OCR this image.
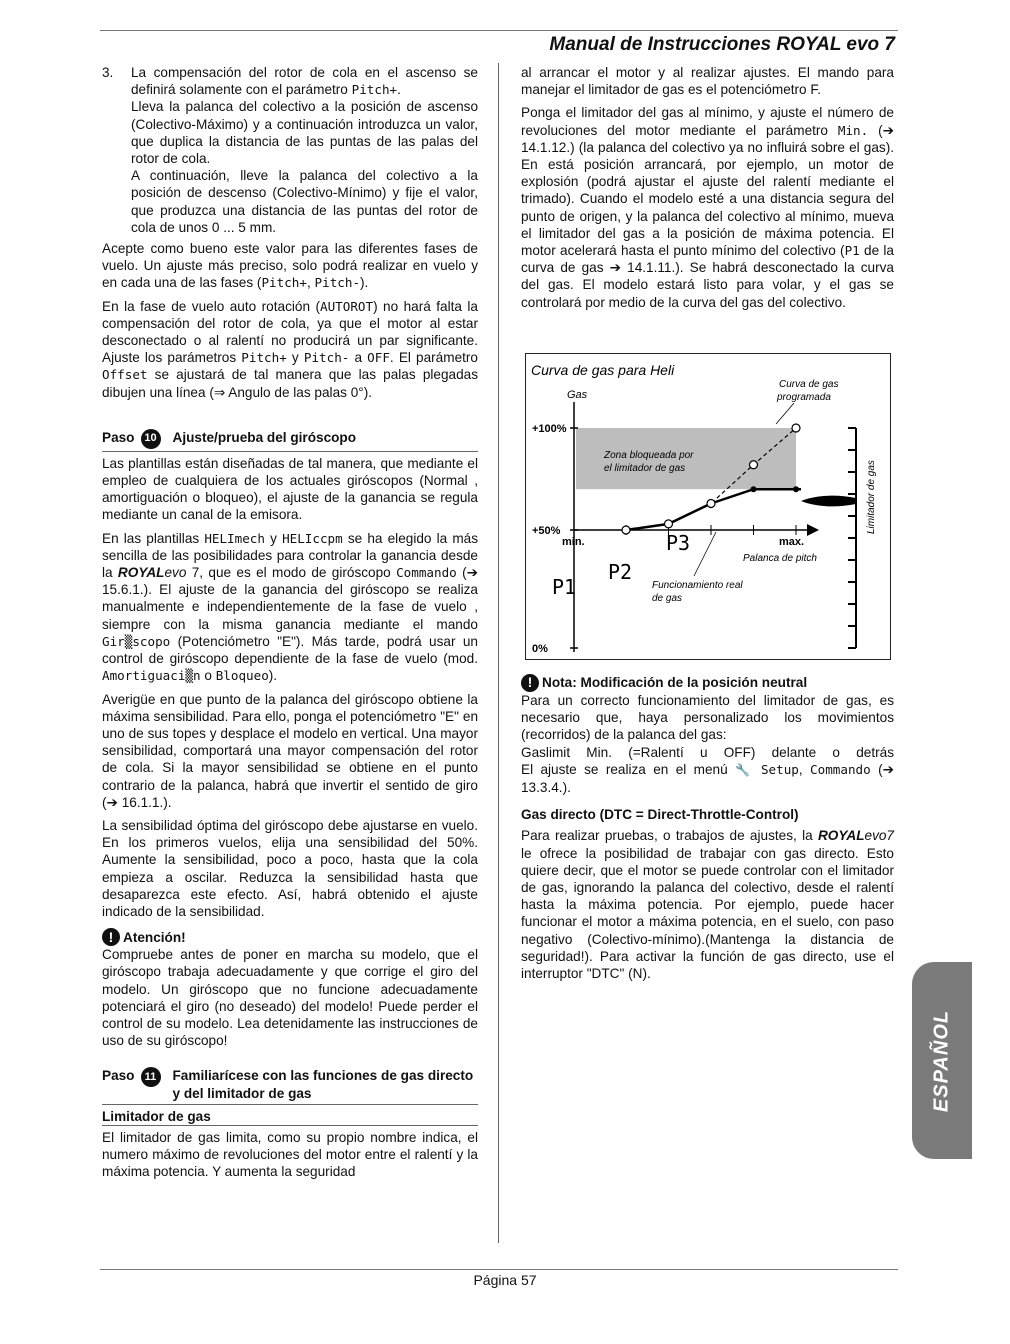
Manual de Instrucciones ROYAL evo 7
3.	La compensación del rotor de cola en el ascenso se definirá solamente con el parámetro Pitch+.

Lleva la palanca del colectivo a la posición de ascenso (Colectivo-Máximo) y a continuación introduzca un valor, que duplica la distancia de las puntas de las palas del rotor de cola.

A continuación, lleve la palanca del colectivo a la posición de descenso (Colectivo-Mínimo) y fije el valor, que produzca una distancia de las puntas del rotor de cola de unos 0 ... 5 mm.

Acepte como bueno este valor para las diferentes fases de vuelo. Un ajuste más preciso, solo podrá realizar en vuelo y en cada una de las fases (Pitch+, Pitch-).

En la fase de vuelo auto rotación (AUTOROT) no hará falta la compensación del rotor de cola, ya que el motor al estar desconectado o al ralentí no producirá un par significante. Ajuste los parámetros Pitch+ y Pitch- a OFF. El parámetro Offset se ajustará de tal manera que las palas plegadas dibujen una línea (⇒ Angulo de las palas 0°).

Paso 10 Ajuste/prueba del giróscopo

Las plantillas están diseñadas de tal manera, que mediante el empleo de cualquiera de los actuales giróscopos (Normal , amortiguación o bloqueo), el ajuste de la ganancia se regula mediante un canal de la emisora.

En las plantillas HELImech y HELIccpm se ha elegido la más sencilla de las posibilidades para controlar la ganancia desde la ROYALevo 7, que es el modo de giróscopo Commando (➔ 15.6.1.). El ajuste de la ganancia del giróscopo se realiza manualmente e independientemente de la fase de vuelo , siempre con la misma ganancia mediante el mando Gir▒scopo (Potenciómetro "E"). Más tarde, podrá usar un control de giróscopo dependiente de la fase de vuelo (mod. Amortiguaci▒n o Bloqueo).

Averigüe en que punto de la palanca del giróscopo obtiene la máxima sensibilidad. Para ello, ponga el potenciómetro "E" en uno de sus topes y desplace el modelo en vertical. Una mayor sensibilidad, comportará una mayor compensación del rotor de cola. Si la mayor sensibilidad se obtiene en el punto contrario de la palanca, habrá que invertir el sentido de giro (➔ 16.1.1.).

La sensibilidad óptima del giróscopo debe ajustarse en vuelo. En los primeros vuelos, elija una sensibilidad del 50%. Aumente la sensibilidad, poco a poco, hasta que la cola empieza a oscilar. Reduzca la sensibilidad hasta que desaparezca este efecto. Así, habrá obtenido el ajuste indicado de la sensibilidad.

! Atención!

Compruebe antes de poner en marcha su modelo, que el giróscopo trabaja adecuadamente y que corrige el giro del modelo. Un giróscopo que no funcione adecuadamente potenciará el giro (no deseado) del modelo! Puede perder el control de su modelo. Lea detenidamente las instrucciones de uso de su giróscopo!

Paso 11	Familiarícese con las funciones de gas directo y del limitador de gas
Limitador de gas

El limitador de gas limita, como su propio nombre indica, el numero máximo de revoluciones del motor entre el ralentí y la máxima potencia. Y aumenta la seguridad

al arrancar el motor y al realizar ajustes. El mando para manejar el limitador de gas es el potenciómetro F.

Ponga el limitador del gas al mínimo, y ajuste el número de revoluciones del motor mediante el parámetro Min. (➔ 14.1.12.) (la palanca del colectivo ya no influirá sobre el gas). En está posición arrancará, por ejemplo, un motor de explosión (podrá ajustar el ajuste del ralentí mediante el trimado). Cuando el modelo esté a una distancia segura del punto de origen, y la palanca del colectivo al mínimo, mueva el limitador del gas a la posición de máxima potencia. El motor acelerará hasta el punto mínimo del colectivo (P1 de la curva de gas ➔ 14.1.11.). Se habrá desconectado la curva del gas. El modelo estará listo para volar, y el gas se controlará por medio de la curva del gas del colectivo.

Curva de gas para Heli
Gas
+100%
+50%
0%
min.	max.
P1
P2
P3
Curva de gas
programada
Zona bloqueada por
el limitador de gas
Funcionamiento real
de gas
Palanca de pitch
Limitador de gas
! Nota: Modificación de la posición neutral

Para un correcto funcionamiento del limitador de gas, es necesario que, haya personalizado los movimientos (recorridos) de la palanca del gas:

Gaslimit Min. (=Ralentí u OFF) delante o detrás

El ajuste se realiza en el menú 🔧 Setup, Commando (➔ 13.3.4.).

Gas directo (DTC = Direct-Throttle-Control)

Para realizar pruebas, o trabajos de ajustes, la ROYALevo7 le ofrece la posibilidad de trabajar con gas directo. Esto quiere decir, que el motor se puede controlar con el limitador de gas, ignorando la palanca del colectivo, desde el ralentí hasta la máxima potencia. Por ejemplo, puede hacer funcionar el motor a máxima potencia, en el suelo, con paso negativo (Colectivo-mínimo).(Mantenga la distancia de seguridad!). Para activar la función de gas directo, use el interruptor "DTC" (N).

ESPAÑOL
Página 57
